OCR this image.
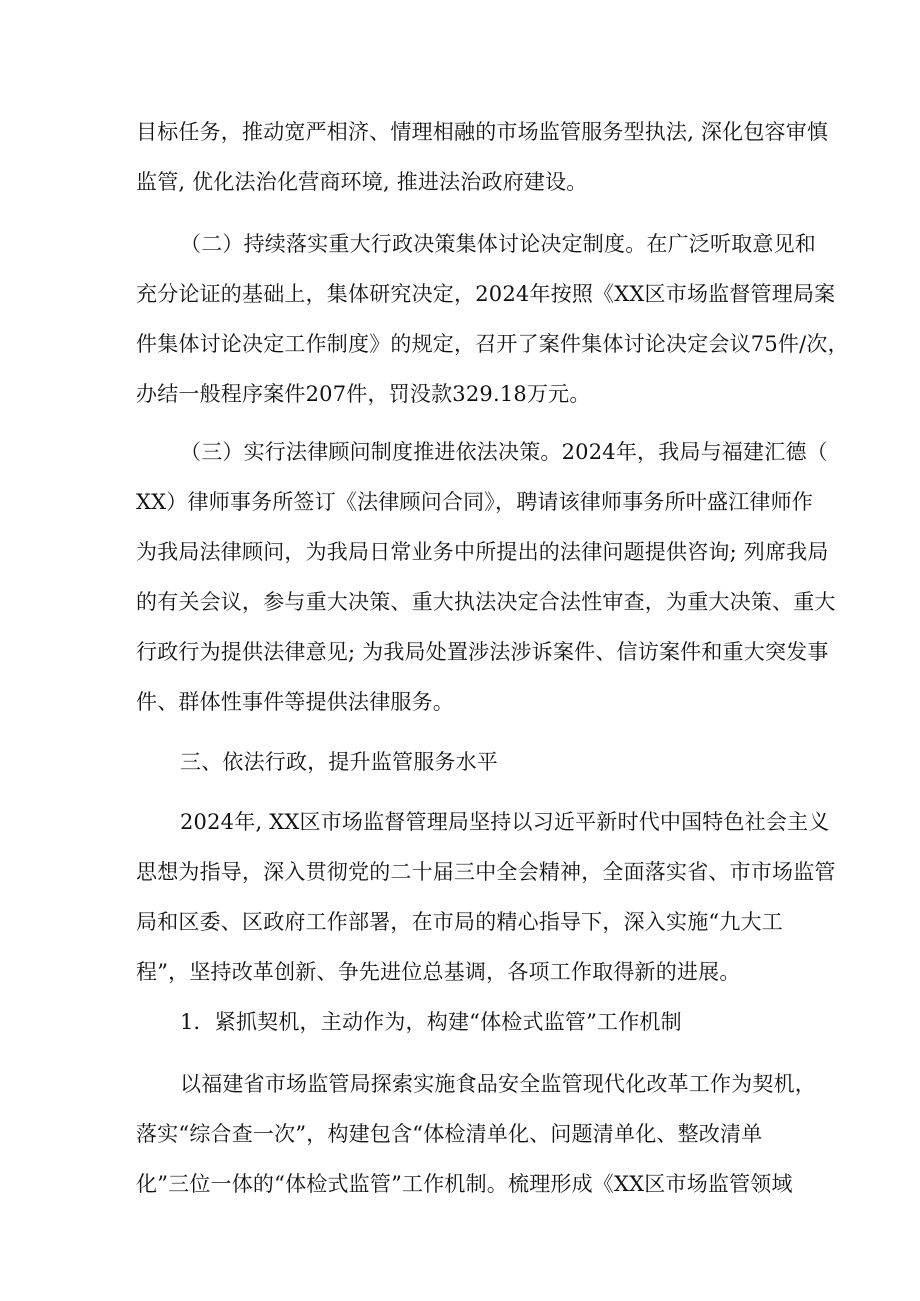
目标任务，推动宽严相济、情理相融的市场监管服务型执法, 深化包容审慎
监管, 优化法治化营商环境, 推进法治政府建设。
（二）持续落实重大行政决策集体讨论决定制度。在广泛听取意见和
充分论证的基础上，集体研究决定，2024年按照《XX区市场监督管理局案
件集体讨论决定工作制度》的规定，召开了案件集体讨论决定会议75件/次，
办结一般程序案件207件，罚没款329.18万元。
（三）实行法律顾问制度推进依法决策。2024年，我局与福建汇德（
XX）律师事务所签订《法律顾问合同》，聘请该律师事务所叶盛江律师作
为我局法律顾问，为我局日常业务中所提出的法律问题提供咨询; 列席我局
的有关会议，参与重大决策、重大执法决定合法性审查，为重大决策、重大
行政行为提供法律意见; 为我局处置涉法涉诉案件、信访案件和重大突发事
件、群体性事件等提供法律服务。
三、依法行政，提升监管服务水平
2024年, XX区市场监督管理局坚持以习近平新时代中国特色社会主义
思想为指导，深入贯彻党的二十届三中全会精神，全面落实省、市市场监管
局和区委、区政府工作部署，在市局的精心指导下，深入实施“九大工
程”，坚持改革创新、争先进位总基调，各项工作取得新的进展。
1．紧抓契机，主动作为，构建“体检式监管”工作机制
以福建省市场监管局探索实施食品安全监管现代化改革工作为契机，
落实“综合查一次”，构建包含“体检清单化、问题清单化、整改清单
化”三位一体的“体检式监管”工作机制。梳理形成《XX区市场监管领域
